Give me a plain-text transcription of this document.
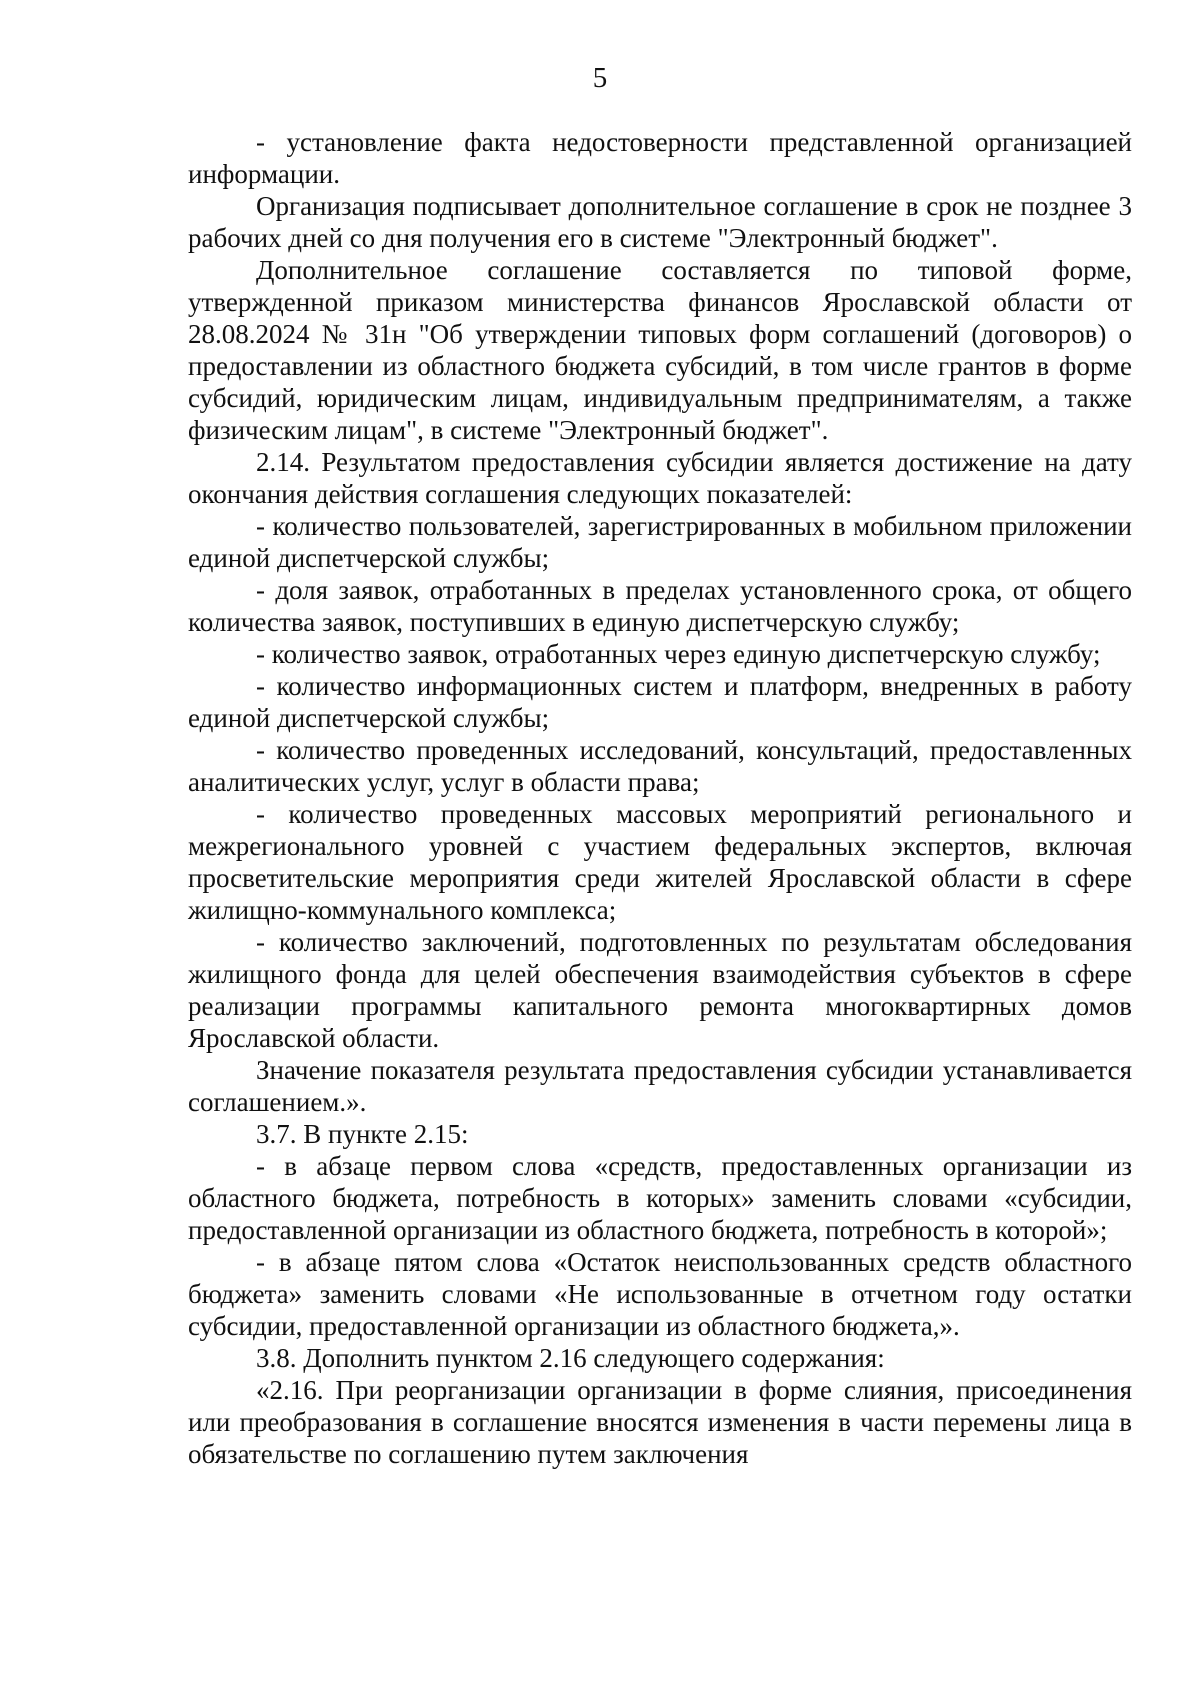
5

- установление факта недостоверности представленной организацией информации.

Организация подписывает дополнительное соглашение в срок не позднее 3 рабочих дней со дня получения его в системе "Электронный бюджет".

Дополнительное соглашение составляется по типовой форме, утвержденной приказом министерства финансов Ярославской области от 28.08.2024 № 31н "Об утверждении типовых форм соглашений (договоров) о предоставлении из областного бюджета субсидий, в том числе грантов в форме субсидий, юридическим лицам, индивидуальным предпринимателям, а также физическим лицам", в системе "Электронный бюджет".

2.14. Результатом предоставления субсидии является достижение на дату окончания действия соглашения следующих показателей:

- количество пользователей, зарегистрированных в мобильном приложении единой диспетчерской службы;

- доля заявок, отработанных в пределах установленного срока, от общего количества заявок, поступивших в единую диспетчерскую службу;

- количество заявок, отработанных через единую диспетчерскую службу;

- количество информационных систем и платформ, внедренных в работу единой диспетчерской службы;

- количество проведенных исследований, консультаций, предоставленных аналитических услуг, услуг в области права;

- количество проведенных массовых мероприятий регионального и межрегионального уровней с участием федеральных экспертов, включая просветительские мероприятия среди жителей Ярославской области в сфере жилищно-коммунального комплекса;

- количество заключений, подготовленных по результатам обследования жилищного фонда для целей обеспечения взаимодействия субъектов в сфере реализации программы капитального ремонта многоквартирных домов Ярославской области.

Значение показателя результата предоставления субсидии устанавливается соглашением.».

3.7. В пункте 2.15:

- в абзаце первом слова «средств, предоставленных организации из областного бюджета, потребность в которых» заменить словами «субсидии, предоставленной организации из областного бюджета, потребность в которой»;

- в абзаце пятом слова «Остаток неиспользованных средств областного бюджета» заменить словами «Не использованные в отчетном году остатки субсидии, предоставленной организации из областного бюджета,».

3.8. Дополнить пунктом 2.16 следующего содержания:

«2.16. При реорганизации организации в форме слияния, присоединения или преобразования в соглашение вносятся изменения в части перемены лица в обязательстве по соглашению путем заключения
